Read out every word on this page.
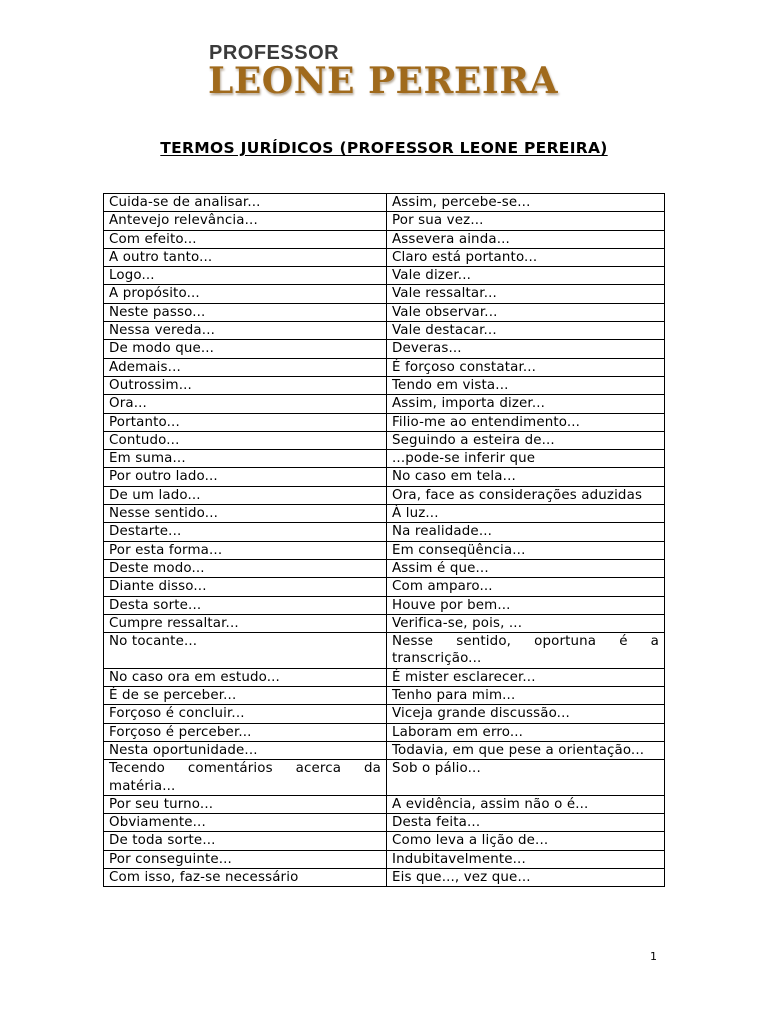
PROFESSOR
LEONE PEREIRA
TERMOS JURÍDICOS (PROFESSOR LEONE PEREIRA)
Cuida-se de analisar...	Assim, percebe-se...
Antevejo relevância...	Por sua vez...
Com efeito...	Assevera ainda...
A outro tanto...	Claro está portanto...
Logo...	Vale dizer...
A propósito...	Vale ressaltar...
Neste passo...	Vale observar...
Nessa vereda...	Vale destacar...
De modo que...	Deveras...
Ademais...	É forçoso constatar...
Outrossim...	Tendo em vista...
Ora...	Assim, importa dizer...
Portanto...	Filio-me ao entendimento...
Contudo...	Seguindo a esteira de...
Em suma...	...pode-se inferir que
Por outro lado...	No caso em tela...
De um lado...	Ora, face as considerações aduzidas
Nesse sentido...	À luz...
Destarte...	Na realidade...
Por esta forma...	Em conseqüência...
Deste modo...	Assim é que...
Diante disso...	Com amparo...
Desta sorte...	Houve por bem...
Cumpre ressaltar...	Verifica-se, pois, ...
No tocante...	Nesse sentido, oportuna é a transcrição...
No caso ora em estudo...	É mister esclarecer...
É de se perceber...	Tenho para mim...
Forçoso é concluir...	Viceja grande discussão...
Forçoso é perceber...	Laboram em erro...
Nesta oportunidade...	Todavia, em que pese a orientação...
Tecendo comentários acerca da matéria...	Sob o pálio...
Por seu turno...	A evidência, assim não o é...
Obviamente...	Desta feita...
De toda sorte...	Como leva a lição de...
Por conseguinte...	Indubitavelmente...
Com isso, faz-se necessário	Eis que..., vez que...
1
